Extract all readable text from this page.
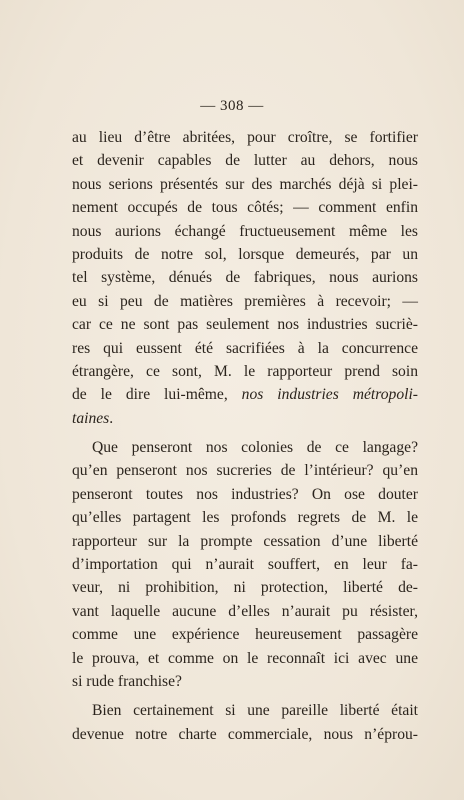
— 308 —
au lieu d’être abritées, pour croître, se fortifier
et devenir capables de lutter au dehors, nous
nous serions présentés sur des marchés déjà si plei-
nement occupés de tous côtés; — comment enfin
nous aurions échangé fructueusement même les
produits de notre sol, lorsque demeurés, par un
tel système, dénués de fabriques, nous aurions
eu si peu de matières premières à recevoir; —
car ce ne sont pas seulement nos industries sucriè-
res qui eussent été sacrifiées à la concurrence
étrangère, ce sont, M. le rapporteur prend soin
de le dire lui-même, nos industries métropoli-
taines.
Que penseront nos colonies de ce langage?
qu’en penseront nos sucreries de l’intérieur? qu’en
penseront toutes nos industries? On ose douter
qu’elles partagent les profonds regrets de M. le
rapporteur sur la prompte cessation d’une liberté
d’importation qui n’aurait souffert, en leur fa-
veur, ni prohibition, ni protection, liberté de-
vant laquelle aucune d’elles n’aurait pu résister,
comme une expérience heureusement passagère
le prouva, et comme on le reconnaît ici avec une
si rude franchise?
Bien certainement si une pareille liberté était
devenue notre charte commerciale, nous n’éprou-
